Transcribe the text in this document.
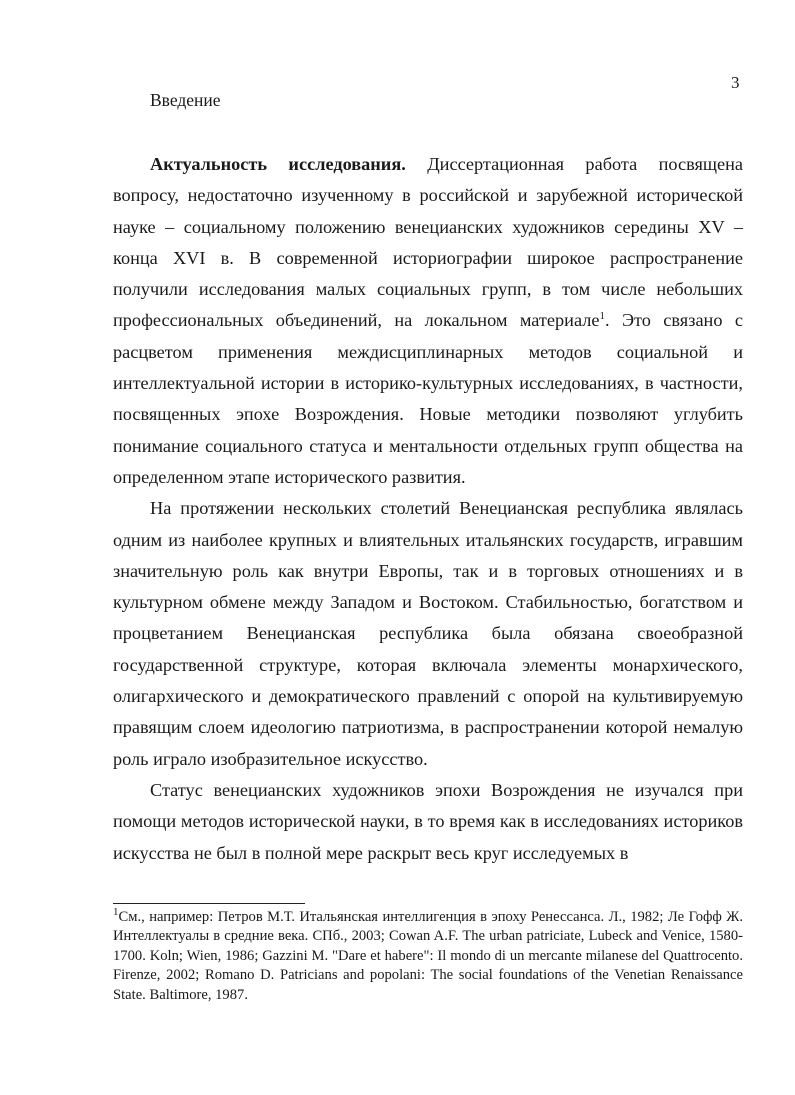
3
Введение

Актуальность исследования. Диссертационная работа посвящена вопросу, недостаточно изученному в российской и зарубежной исторической науке – социальному положению венецианских художников середины XV – конца XVI в. В современной историографии широкое распространение получили исследования малых социальных групп, в том числе небольших профессиональных объединений, на локальном материале$^1$. Это связано с расцветом применения междисциплинарных методов социальной и интеллектуальной истории в историко-культурных исследованиях, в частности, посвященных эпохе Возрождения. Новые методики позволяют углубить понимание социального статуса и ментальности отдельных групп общества на определенном этапе исторического развития.

На протяжении нескольких столетий Венецианская республика являлась одним из наиболее крупных и влиятельных итальянских государств, игравшим значительную роль как внутри Европы, так и в торговых отношениях и в культурном обмене между Западом и Востоком. Стабильностью, богатством и процветанием Венецианская республика была обязана своеобразной государственной структуре, которая включала элементы монархического, олигархического и демократического правлений с опорой на культивируемую правящим слоем идеологию патриотизма, в распространении которой немалую роль играло изобразительное искусство.

Статус венецианских художников эпохи Возрождения не изучался при помощи методов исторической науки, в то время как в исследованиях историков искусства не был в полной мере раскрыт весь круг исследуемых в

$^1$См., например: Петров М.Т. Итальянская интеллигенция в эпоху Ренессанса. Л., 1982; Ле Гофф Ж. Интеллектуалы в средние века. СПб., 2003; Cowan A.F. The urban patriciate, Lubeck and Venice, 1580-1700. Koln; Wien, 1986; Gazzini M. "Dare et habere": Il mondo di un mercante milanese del Quattrocento. Firenze, 2002; Romano D. Patricians and popolani: The social foundations of the Venetian Renaissance State. Baltimore, 1987.
